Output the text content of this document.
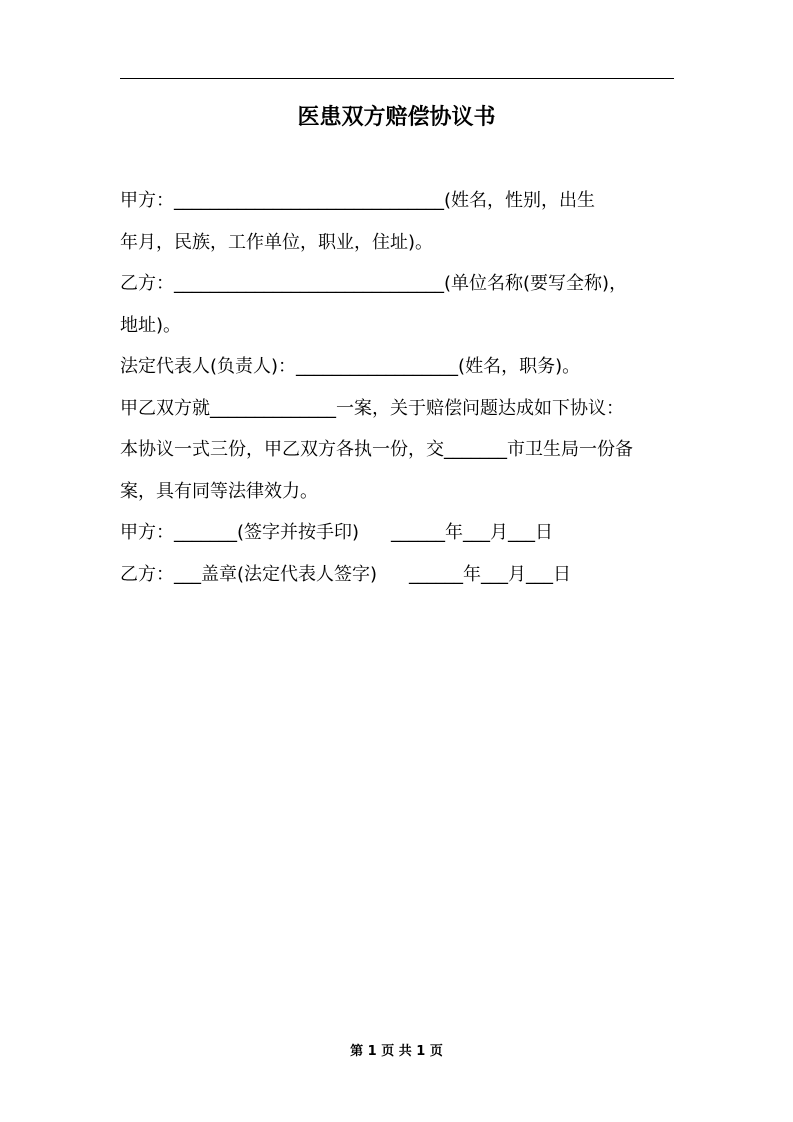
医患双方赔偿协议书
甲方：______________________________(姓名，性别，出生
年月，民族，工作单位，职业，住址)。
乙方：______________________________(单位名称(要写全称)，
地址)。
法定代表人(负责人)：__________________(姓名，职务)。
甲乙双方就______________一案，关于赔偿问题达成如下协议：
本协议一式三份，甲乙双方各执一份，交_______市卫生局一份备
案，具有同等法律效力。
甲方：_______(签字并按手印) ______年___月___日
乙方：___盖章(法定代表人签字) ______年___月___日
第 1 页 共 1 页
